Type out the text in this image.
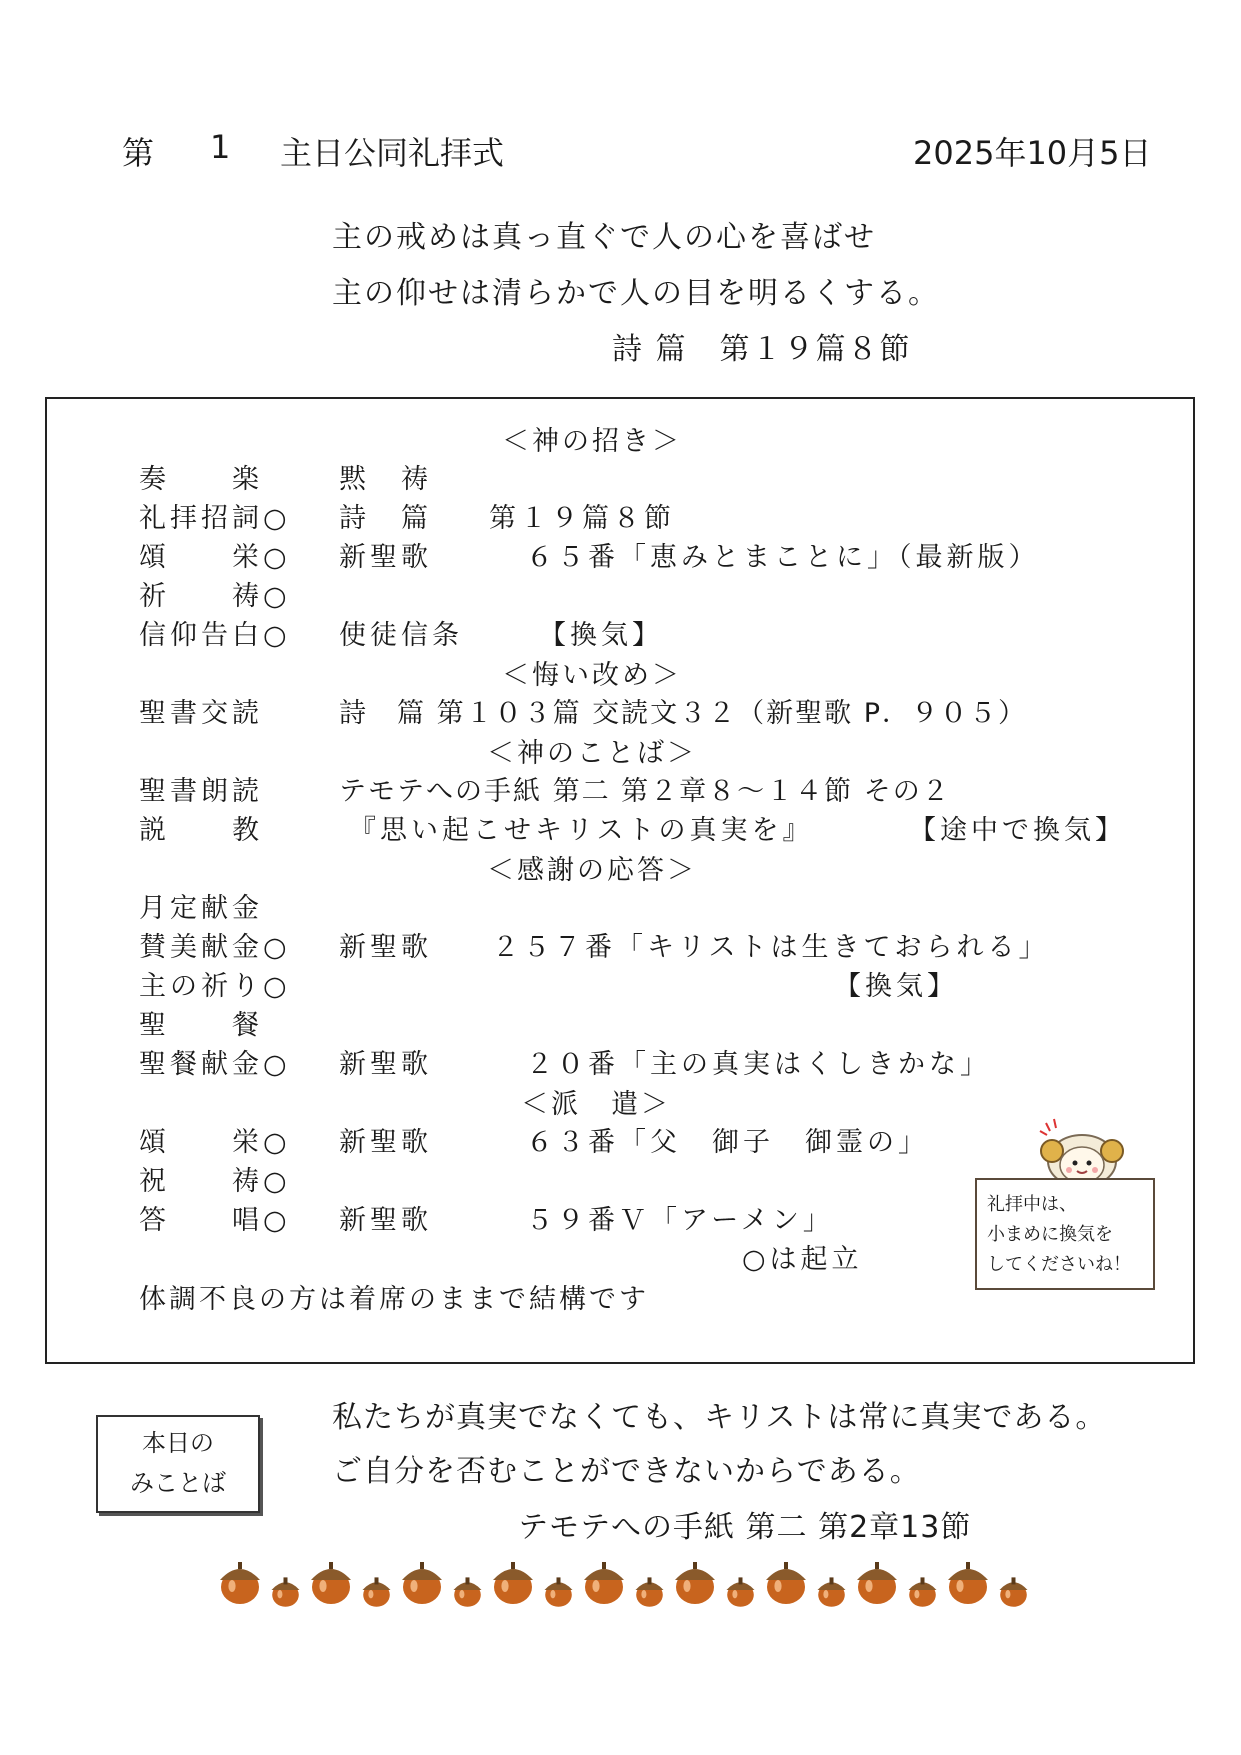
第 1 主日公同礼拝式	2025年10月5日
主の戒めは真っ直ぐで人の心を喜ばせ
主の仰せは清らかで人の目を明るくする。
詩 篇　第１９篇８節
＜神の招き＞
奏　　楽	黙　祷
礼拝招詞○ 詩　篇 第１９篇８節
頌　　栄○ 新聖歌	６５番「恵みとまことに」（最新版）
祈　　祷○
信仰告白○ 使徒信条	【換気】
＜悔い改め＞
聖書交読	詩　篇 第１０３篇 交読文３２（新聖歌 P．９０５）
＜神のことば＞
聖書朗読	テモテへの手紙 第二 第２章８～１４節 その２
説　　教	『思い起こせキリストの真実を』	【途中で換気】
＜感謝の応答＞
月定献金
賛美献金○ 新聖歌 ２５７番「キリストは生きておられる」
主の祈り○	【換気】
聖　　餐
聖餐献金○ 新聖歌	２０番「主の真実はくしきかな」
＜派　遣＞
頌　　栄○ 新聖歌	６３番「父　御子　御霊の」
祝　　祷○
答　　唱○ 新聖歌	５９番Ｖ「アーメン」
○は起立
体調不良の方は着席のままで結構です
礼拝中は、
小まめに換気を
してくださいね！
本日の
みことば
私たちが真実でなくても、キリストは常に真実である。
ご自分を否むことができないからである。
テモテへの手紙 第二 第2章13節
